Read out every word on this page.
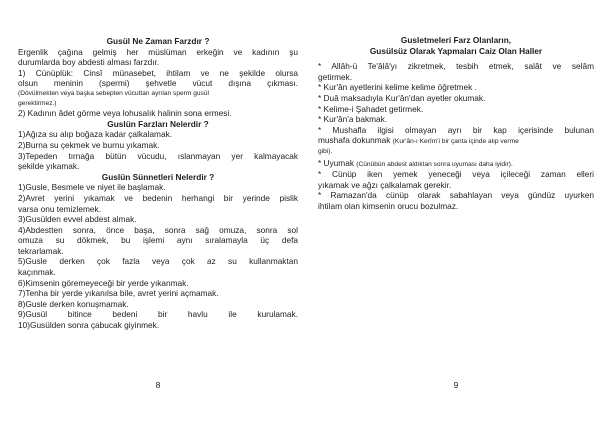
Gusül Ne Zaman Farzdır ?

Ergenlik çağına gelmiş her müslüman erkeğin ve kadının şu

durumlarda boy abdesti alması farzdır.

1) Cünüplük: Cinsî münasebet, ihtilam ve ne şekilde olursa

olsun meninin (spermi) şehvetle vücut dışına çıkması.

(Dövülmekten veya başka sebepten vücuttan ayrılan sperm gusül

gerektirmez.)

2) Kadının âdet görme veya lohusalık halinin sona ermesi.

Guslün Farzları Nelerdir ?

1)Ağıza su alıp boğaza kadar çalkalamak.

2)Burna su çekmek ve burnu yıkamak.

3)Tepeden tırnağa bütün vücudu, ıslanmayan yer kalmayacak

şekilde yıkamak.

Guslün Sünnetleri Nelerdir ?

1)Gusle, Besmele ve niyet ile başlamak.

2)Avret yerini yıkamak ve bedenin herhangi bir yerinde pislik

varsa onu temizlemek.

3)Gusülden evvel abdest almak.

4)Abdestten sonra, önce başa, sonra sağ omuza, sonra sol

omuza su dökmek, bu işlemi aynı sıralamayla üç defa

tekrarlamak.

5)Gusle derken çok fazla veya çok az su kullanmaktan

kaçınmak.

6)Kimsenin göremeyeceği bir yerde yıkanmak.

7)Tenha bir yerde yıkanılsa bile, avret yerini açmamak.

8)Gusle derken konuşmamak.

9)Gusül bitince bedeni bir havlu ile kurulamak.

10)Gusülden sonra çabucak giyinmek.

8
Gusletmeleri Farz Olanların,
Gusülsüz Olarak Yapmaları Caiz Olan Haller

* Allâh-ü Te'âlâ'yı zikretmek, tesbih etmek, salât ve selâm

getirmek.

* Kur'ân ayetlerini kelime kelime öğretmek .

* Duâ maksadıyla Kur'ân'dan ayetler okumak.

* Kelime-i Şahadet getirmek.

* Kur'ân'a bakmak.

* Mushafla ilgisi olmayan ayrı bir kap içerisinde bulunan

mushafa dokunmak (Kur'ân-ı Kerîm'i bir çanta içinde alıp verme

gibi).

* Uyumak (Cünübün abdest aldıktan sonra uyuması daha iyidir).

* Cünüp iken yemek yeneceği veya içileceği zaman elleri

yıkamak ve ağzı çalkalamak gerekir.

* Ramazan'da cünüp olarak sabahlayan veya gündüz uyurken

ihtilam olan kimsenin orucu bozulmaz.

9
